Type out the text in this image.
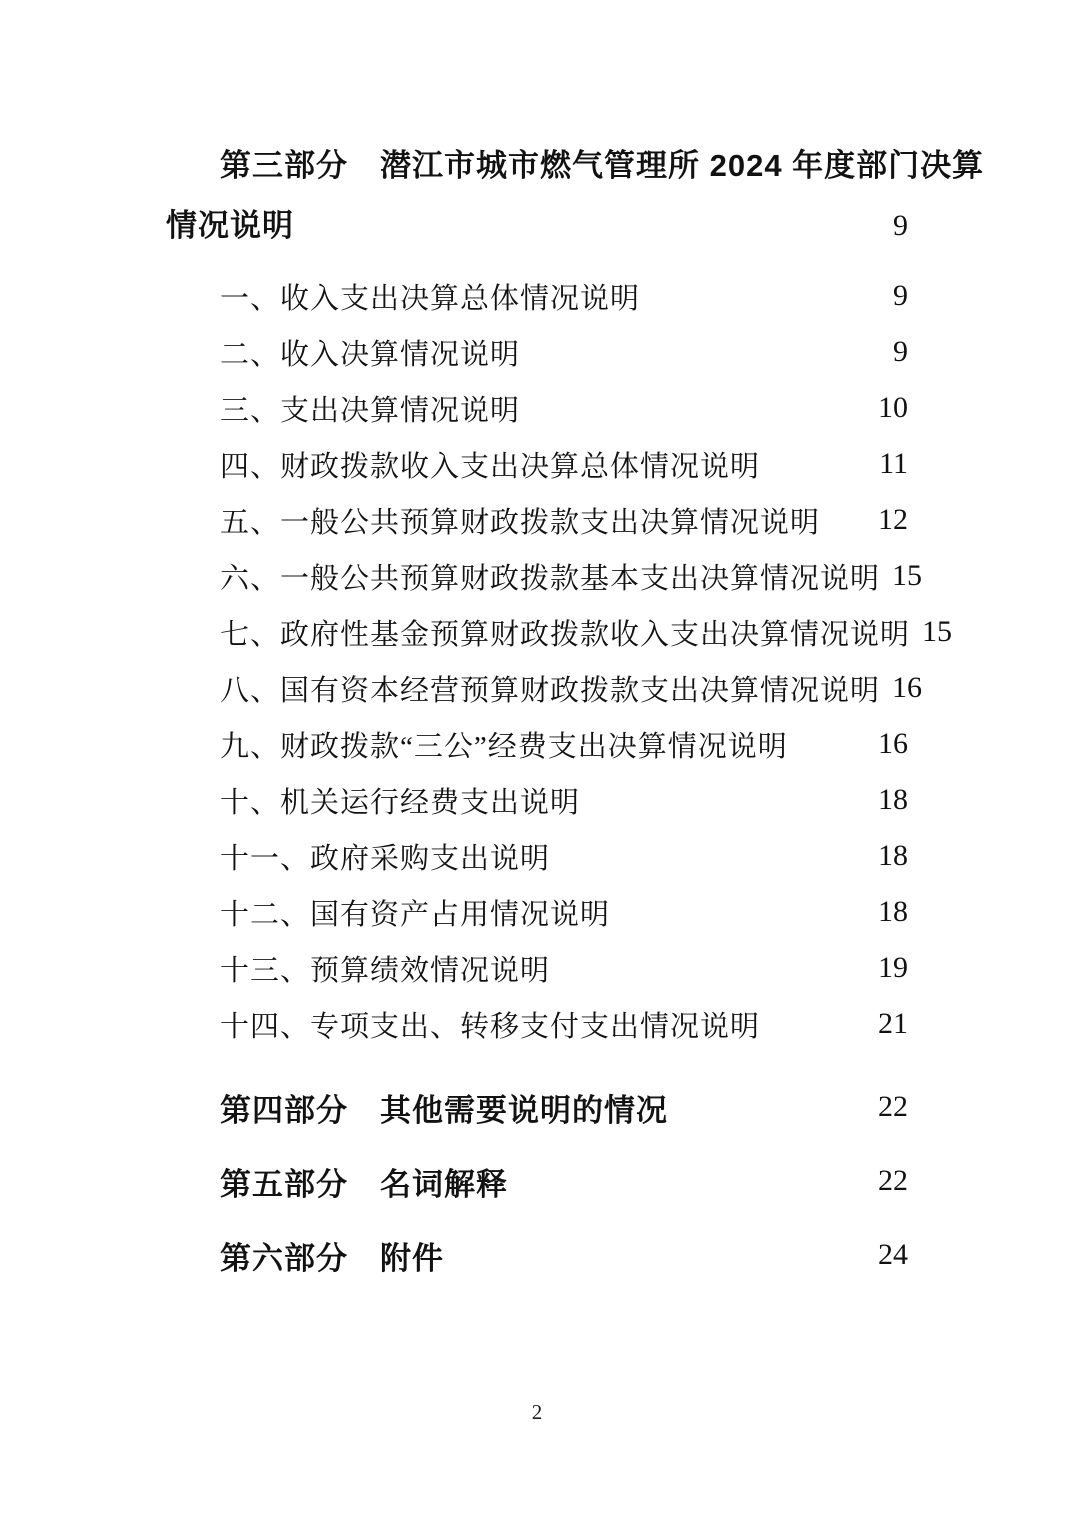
第三部分　潜江市城市燃气管理所 2024 年度部门决算
情况说明	9
一、收入支出决算总体情况说明	9
二、收入决算情况说明	9
三、支出决算情况说明	10
四、财政拨款收入支出决算总体情况说明	11
五、一般公共预算财政拨款支出决算情况说明 12
六、一般公共预算财政拨款基本支出决算情况说明 15
七、政府性基金预算财政拨款收入支出决算情况说明 15
八、国有资本经营预算财政拨款支出决算情况说明 16
九、财政拨款“三公”经费支出决算情况说明	16
十、机关运行经费支出说明	18
十一、政府采购支出说明	18
十二、国有资产占用情况说明	18
十三、预算绩效情况说明	19
十四、专项支出、转移支付支出情况说明	21
第四部分　其他需要说明的情况	22
第五部分　名词解释	22
第六部分　附件	24
2
